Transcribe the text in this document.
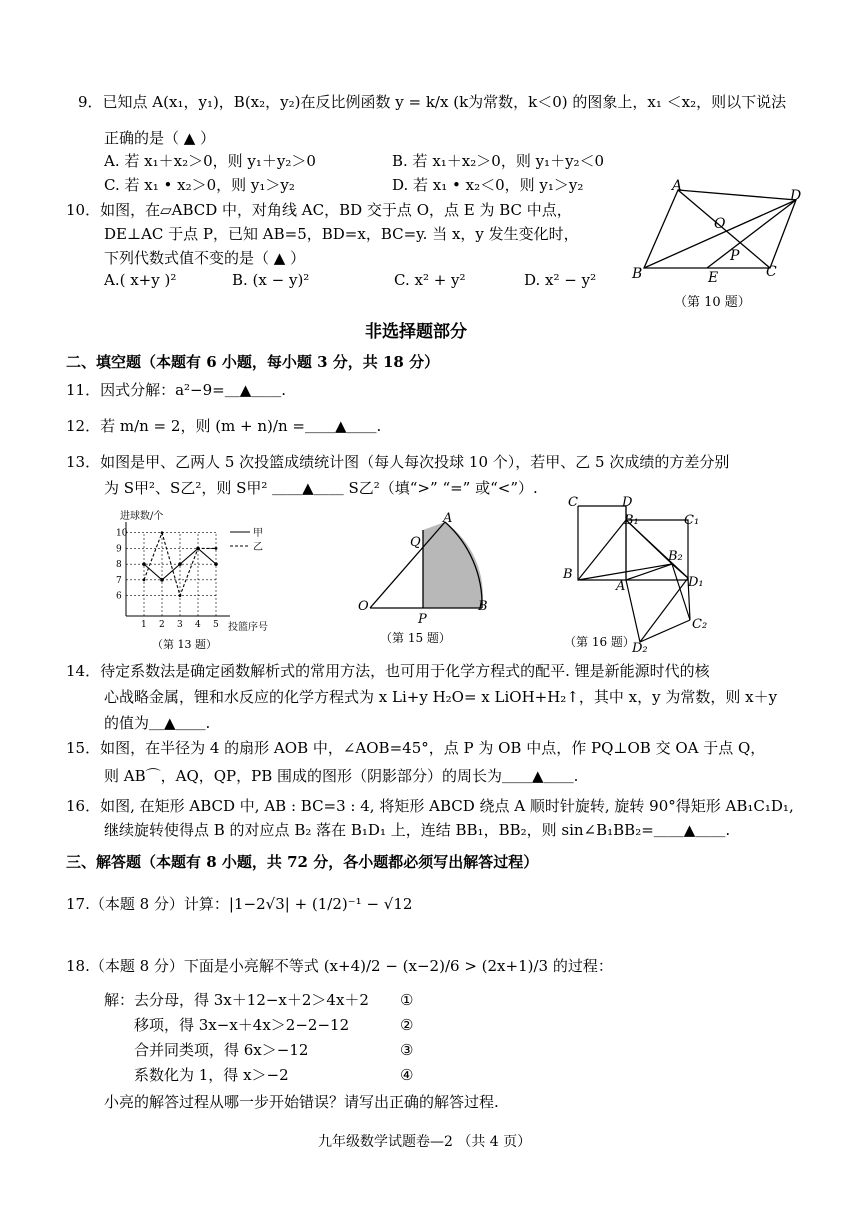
9．已知点 A(x₁，y₁)，B(x₂，y₂)在反比例函数 y = k/x (k为常数，k＜0) 的图象上，x₁ ＜x₂，则以下说法
正确的是（ ▲ ）
A. 若 x₁＋x₂＞0，则 y₁＋y₂＞0	B. 若 x₁＋x₂＞0，则 y₁＋y₂＜0
C. 若 x₁ • x₂＞0，则 y₁＞y₂	D. 若 x₁ • x₂＜0，则 y₁＞y₂
10．如图，在▱ABCD 中，对角线 AC，BD 交于点 O，点 E 为 BC 中点，
DE⊥AC 于点 P，已知 AB=5，BD=x，BC=y. 当 x，y 发生变化时，
下列代数式值不变的是（ ▲ ）
A.( x+y )²	B. (x − y)²	C. x² + y²	D. x² − y²
A
D
B	C
O
E
P
（第 10 题）
非选择题部分
二、填空题（本题有 6 小题，每小题 3 分，共 18 分）
11．因式分解：a²−9=＿▲＿＿.
12．若 m/n = 2，则 (m + n)/n =＿＿▲＿＿.
13．如图是甲、乙两人 5 次投篮成绩统计图（每人每次投球 10 个），若甲、乙 5 次成绩的方差分别
为 S甲²、S乙²，则 S甲² ＿＿▲＿＿ S乙²（填“>” “=” 或“<”）.
进球数/个
投篮序号
甲
乙
（第 13 题）
6
7
8
9
10
1 2 3 4 5
A
Q
O
P
B
（第 15 题）
C	D
B₁	C₁
B₂
D₁
B
A
C₂
D₂
（第 16 题）
14．待定系数法是确定函数解析式的常用方法，也可用于化学方程式的配平. 锂是新能源时代的核
心战略金属，锂和水反应的化学方程式为 x Li+y H₂O= x LiOH+H₂↑，其中 x，y 为常数，则 x＋y
的值为＿▲＿＿.
15．如图，在半径为 4 的扇形 AOB 中，∠AOB=45°，点 P 为 OB 中点，作 PQ⊥OB 交 OA 于点 Q，
则 AB⌒，AQ，QP，PB 围成的图形（阴影部分）的周长为＿＿▲＿＿.
16．如图, 在矩形 ABCD 中, AB : BC=3 : 4, 将矩形 ABCD 绕点 A 顺时针旋转, 旋转 90°得矩形 AB₁C₁D₁,
继续旋转使得点 B 的对应点 B₂ 落在 B₁D₁ 上，连结 BB₁，BB₂，则 sin∠B₁BB₂=＿＿▲＿＿.
三、解答题（本题有 8 小题，共 72 分，各小题都必须写出解答过程）
17.（本题 8 分）计算：|1−2√3| + (1/2)⁻¹ − √12
18.（本题 8 分）下面是小亮解不等式 (x+4)/2 − (x−2)/6 > (2x+1)/3 的过程：
解：去分母，得 3x＋12−x＋2＞4x＋2 ①
移项，得 3x−x＋4x＞2−2−12	②
合并同类项，得 6x＞−12	③
系数化为 1，得 x＞−2	④
小亮的解答过程从哪一步开始错误？请写出正确的解答过程.
九年级数学试题卷—2 （共 4 页）
